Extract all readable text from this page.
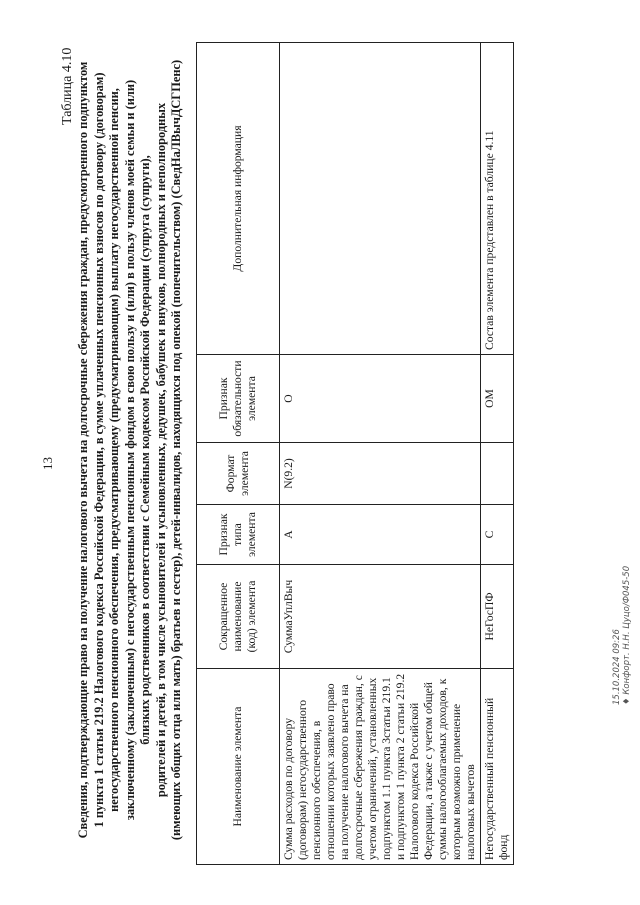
13
Таблица 4.10 Сведения, подтверждающие право на получение налогового вычета на долгосрочные сбережения граждан, предусмотренного подпунктом 1 пункта 1 статьи 219.2 Налогового кодекса Российской Федерации, в сумме уплаченных пенсионных взносов по договору (договорам) негосударственного пенсионного обеспечения, предусматривающему (предусматривающим) выплату негосударственной пенсии, заключенному (заключенным) с негосударственным пенсионным фондом в свою пользу и (или) в пользу членов моей семьи и (или) близких родственников в соответствии с Семейным кодексом Российской Федерации (супруга (супруги), родителей и детей, в том числе усыновителей и усыновленных, дедушек, бабушек и внуков, полнородных и неполнородных (имеющих общих отца или мать) братьев и сестер), детей-инвалидов, находящихся под опекой (попечительством) (СведНаЛВычДСГПенс)	Наименование элемента	Сокращенное наименование (код) элемента	Признак типа элемента	Формат элемента	Признак обязательности элемента	Дополнительная информация
Сумма расходов по договору (договорам) негосударственного пенсионного обеспечения, в отношении которых заявлено право на получение налогового вычета на долгосрочные сбережения граждан, с учетом ограничений, установленных подпунктом 1.1 пункта 3статьи 219.1 и подпунктом 1 пункта 2 статьи 219.2 Налогового кодекса Российской Федерации, а также с учетом общей суммы налогооблагаемых доходов, к которым возможно применение налоговых вычетов	СуммаУплВыч	А	N(9.2)	О	
Негосударственный пенсионный фонд	НеГосПФ	С		ОМ	Состав элемента представлен в таблице 4.11
15.10.2024 09:26 ♦ Конфорт. Н.Н. Цуцо/Ф045-50
